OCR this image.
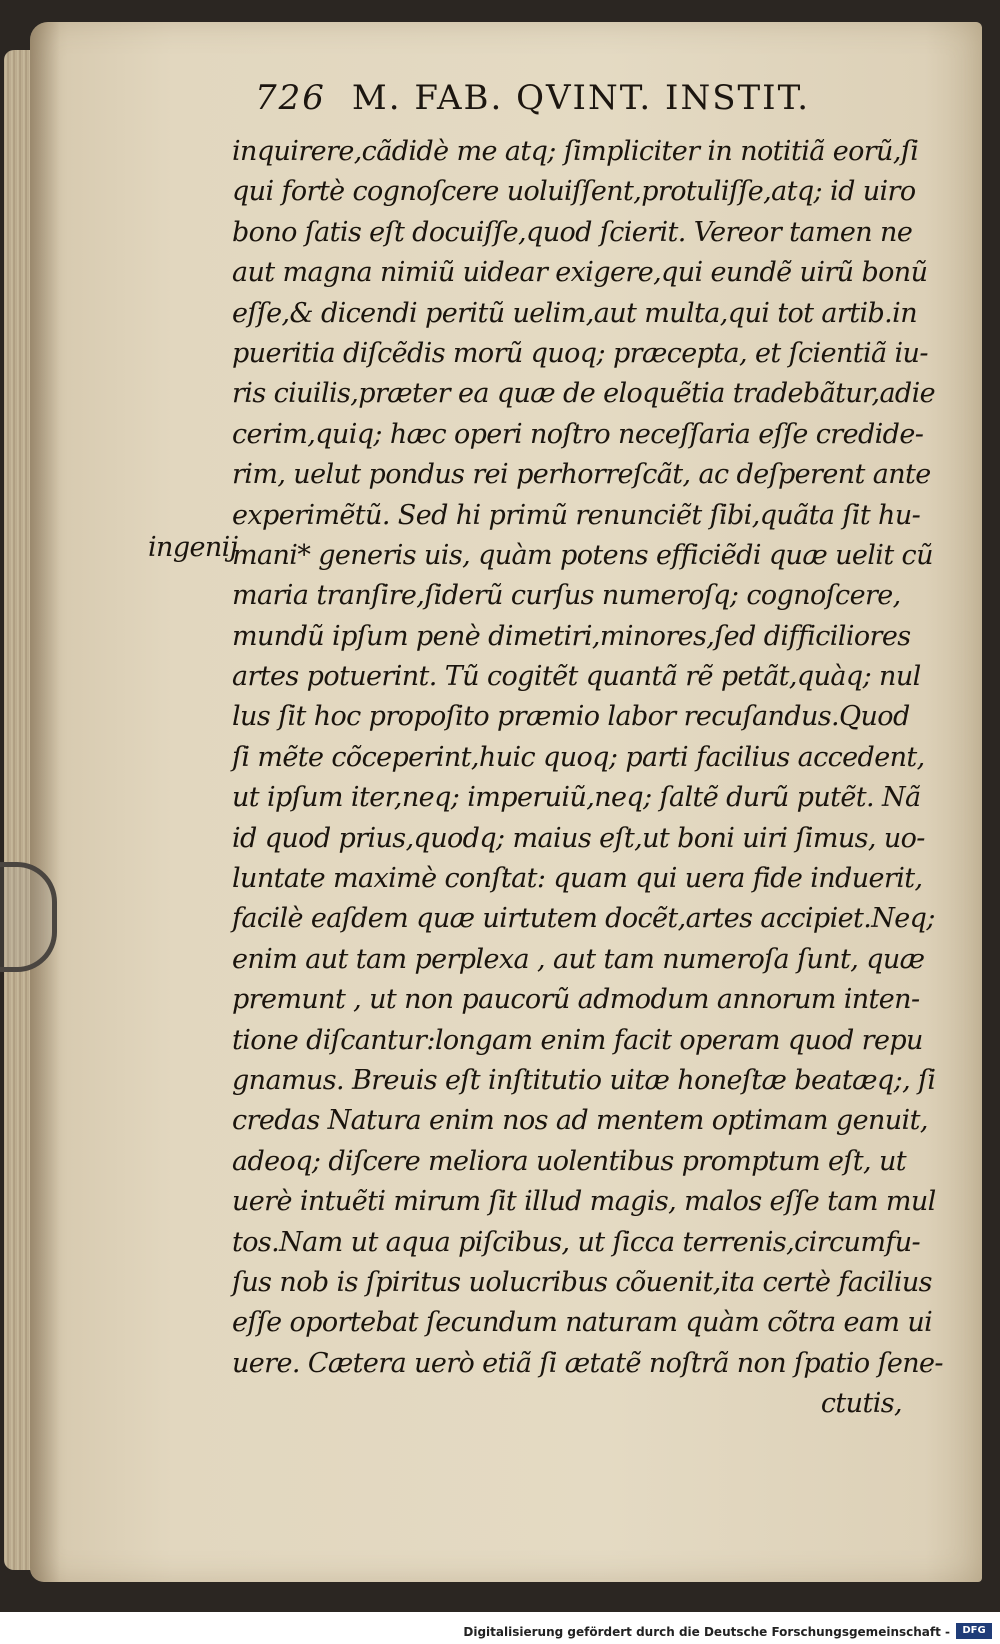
726 M. FAB. QVINT. INSTIT.
ingenij
inquirere,cãdidè me atq; ſimpliciter in notitiã eorũ,ſi
qui fortè cognoſcere uoluiſſent,protuliſſe,atq; id uiro
bono ſatis eſt docuiſſe,quod ſcierit. Vereor tamen ne
aut magna nimiũ uidear exigere,qui eundẽ uirũ bonũ
eſſe,& dicendi peritũ uelim,aut multa,qui tot artib.in
pueritia diſcẽdis morũ quoq; præcepta, et ſcientiã iu-
ris ciuilis,præter ea quæ de eloquẽtia tradebãtur,adie
cerim,quiq; hæc operi noſtro neceſſaria eſſe credide-
rim, uelut pondus rei perhorreſcãt, ac deſperent ante
experimẽtũ. Sed hi primũ renunciẽt ſibi,quãta ſit hu-
mani* generis uis, quàm potens efficiẽdi quæ uelit cũ
maria tranſire,ſiderũ curſus numeroſq; cognoſcere,
mundũ ipſum penè dimetiri,minores,ſed difficiliores
artes potuerint. Tũ cogitẽt quantã rẽ petãt,quàq; nul
lus ſit hoc propoſito præmio labor recuſandus.Quod
ſi mẽte cõceperint,huic quoq; parti facilius accedent,
ut ipſum iter,neq; imperuiũ,neq; ſaltẽ durũ putẽt. Nã
id quod prius,quodq; maius eſt,ut boni uiri ſimus, uo-
luntate maximè conſtat: quam qui uera fide induerit,
facilè eaſdem quæ uirtutem docẽt,artes accipiet.Neq;
enim aut tam perplexa , aut tam numeroſa ſunt, quæ
premunt , ut non paucorũ admodum annorum inten-
tione diſcantur:longam enim facit operam quod repu
gnamus. Breuis eſt inſtitutio uitæ honeſtæ beatæq;, ſi
credas Natura enim nos ad mentem optimam genuit,
adeoq; diſcere meliora uolentibus promptum eſt, ut
uerè intuẽti mirum ſit illud magis, malos eſſe tam mul
tos.Nam ut aqua piſcibus, ut ſicca terrenis,circumfu-
ſus nob is ſpiritus uolucribus cõuenit,ita certè facilius
eſſe oportebat ſecundum naturam quàm cõtra eam ui
uere. Cætera uerò etiã ſi ætatẽ noſtrã non ſpatio ſene-
ctutis,
Digitalisierung gefördert durch die Deutsche Forschungsgemeinschaft -	DFG
